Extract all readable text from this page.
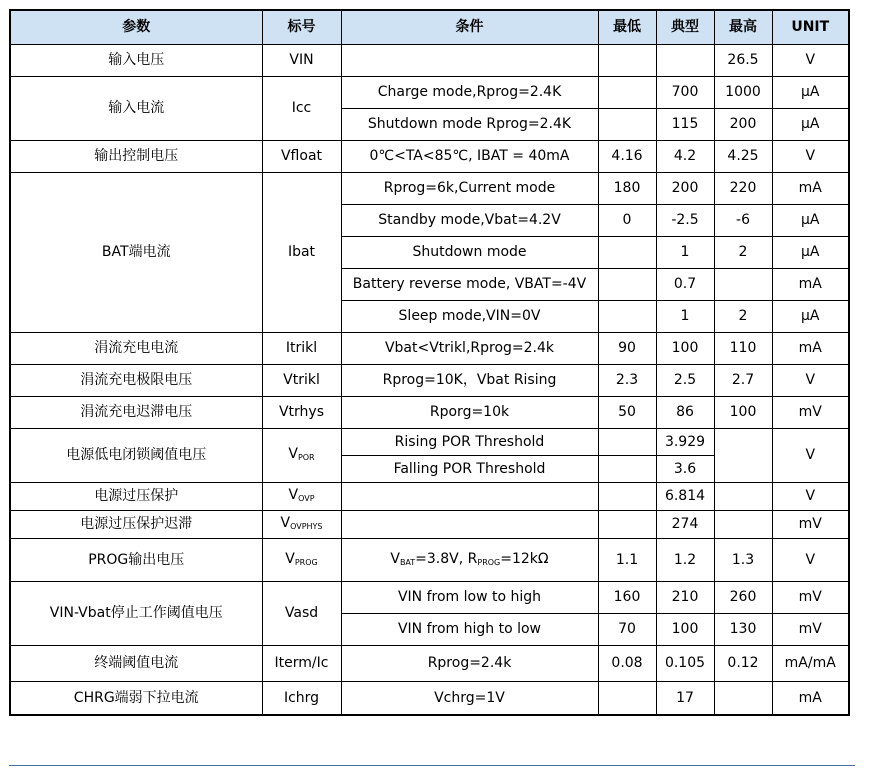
参数	标号	条件	最低	典型	最高	UNIT
输入电压	VIN				26.5	V
输入电流	Icc	Charge mode,Rprog=2.4K		700	1000	μA
		Shutdown mode Rprog=2.4K		115	200	μA
输出控制电压	Vfloat	0℃<TA<85℃, IBAT = 40mA	4.16	4.2	4.25	V
BAT端电流	Ibat	Rprog=6k,Current mode	180	200	220	mA
		Standby mode,Vbat=4.2V	0	-2.5	-6	μA
		Shutdown mode		1	2	μA
		Battery reverse mode, VBAT=-4V		0.7		mA
		Sleep mode,VIN=0V		1	2	μA
涓流充电电流	Itrikl	Vbat<Vtrikl,Rprog=2.4k	90	100	110	mA
涓流充电极限电压	Vtrikl	Rprog=10K，Vbat Rising	2.3	2.5	2.7	V
涓流充电迟滞电压	Vtrhys	Rporg=10k	50	86	100	mV
电源低电闭锁阈值电压	$V_{POR}$	Rising POR Threshold		3.929		V
		Falling POR Threshold		3.6		
电源过压保护	$V_{OVP}$			6.814		V
电源过压保护迟滞	$V_{OVPHYS}$			274		mV
PROG输出电压	$V_{PROG}$	$V_{BAT}=3.8V$, $R_{PROG}=12k\Omega$	1.1	1.2	1.3	V
VIN-Vbat停止工作阈值电压	Vasd	VIN from low to high	160	210	260	mV
		VIN from high to low	70	100	130	mV
终端阈值电流	Iterm/Ic	Rprog=2.4k	0.08	0.105	0.12	mA/mA
CHRG端弱下拉电流	Ichrg	Vchrg=1V		17		mA
